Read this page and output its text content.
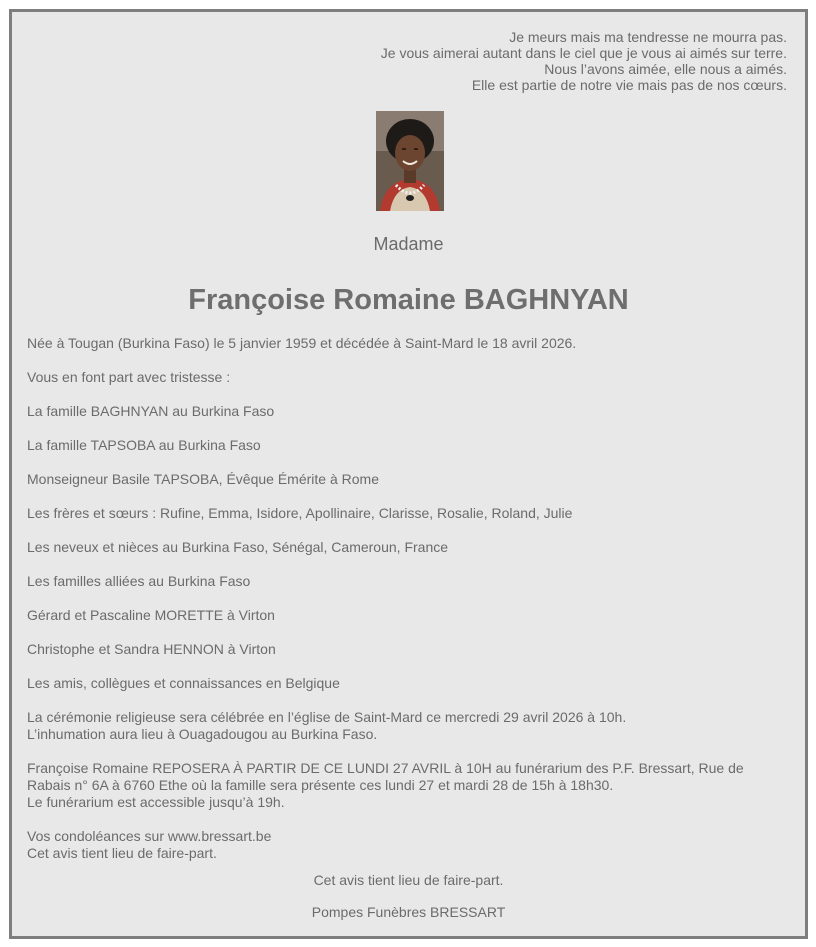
Je meurs mais ma tendresse ne mourra pas.
Je vous aimerai autant dans le ciel que je vous ai aimés sur terre.
Nous l’avons aimée, elle nous a aimés.
Elle est partie de notre vie mais pas de nos cœurs.
Madame
Françoise Romaine BAGHNYAN
Née à Tougan (Burkina Faso) le 5 janvier 1959 et décédée à Saint-Mard le 18 avril 2026.
Vous en font part avec tristesse :
La famille BAGHNYAN au Burkina Faso
La famille TAPSOBA au Burkina Faso
Monseigneur Basile TAPSOBA, Évêque Émérite à Rome
Les frères et sœurs : Rufine, Emma, Isidore, Apollinaire, Clarisse, Rosalie, Roland, Julie
Les neveux et nièces au Burkina Faso, Sénégal, Cameroun, France
Les familles alliées au Burkina Faso
Gérard et Pascaline MORETTE à Virton
Christophe et Sandra HENNON à Virton
Les amis, collègues et connaissances en Belgique
La cérémonie religieuse sera célébrée en l’église de Saint-Mard ce mercredi 29 avril 2026 à 10h.
L’inhumation aura lieu à Ouagadougou au Burkina Faso.
Françoise Romaine REPOSERA À PARTIR DE CE LUNDI 27 AVRIL à 10H au funérarium des P.F. Bressart, Rue de
Rabais n° 6A à 6760 Ethe où la famille sera présente ces lundi 27 et mardi 28 de 15h à 18h30.
Le funérarium est accessible jusqu’à 19h.
Vos condoléances sur www.bressart.be
Cet avis tient lieu de faire-part.
Cet avis tient lieu de faire-part.
Pompes Funèbres BRESSART
